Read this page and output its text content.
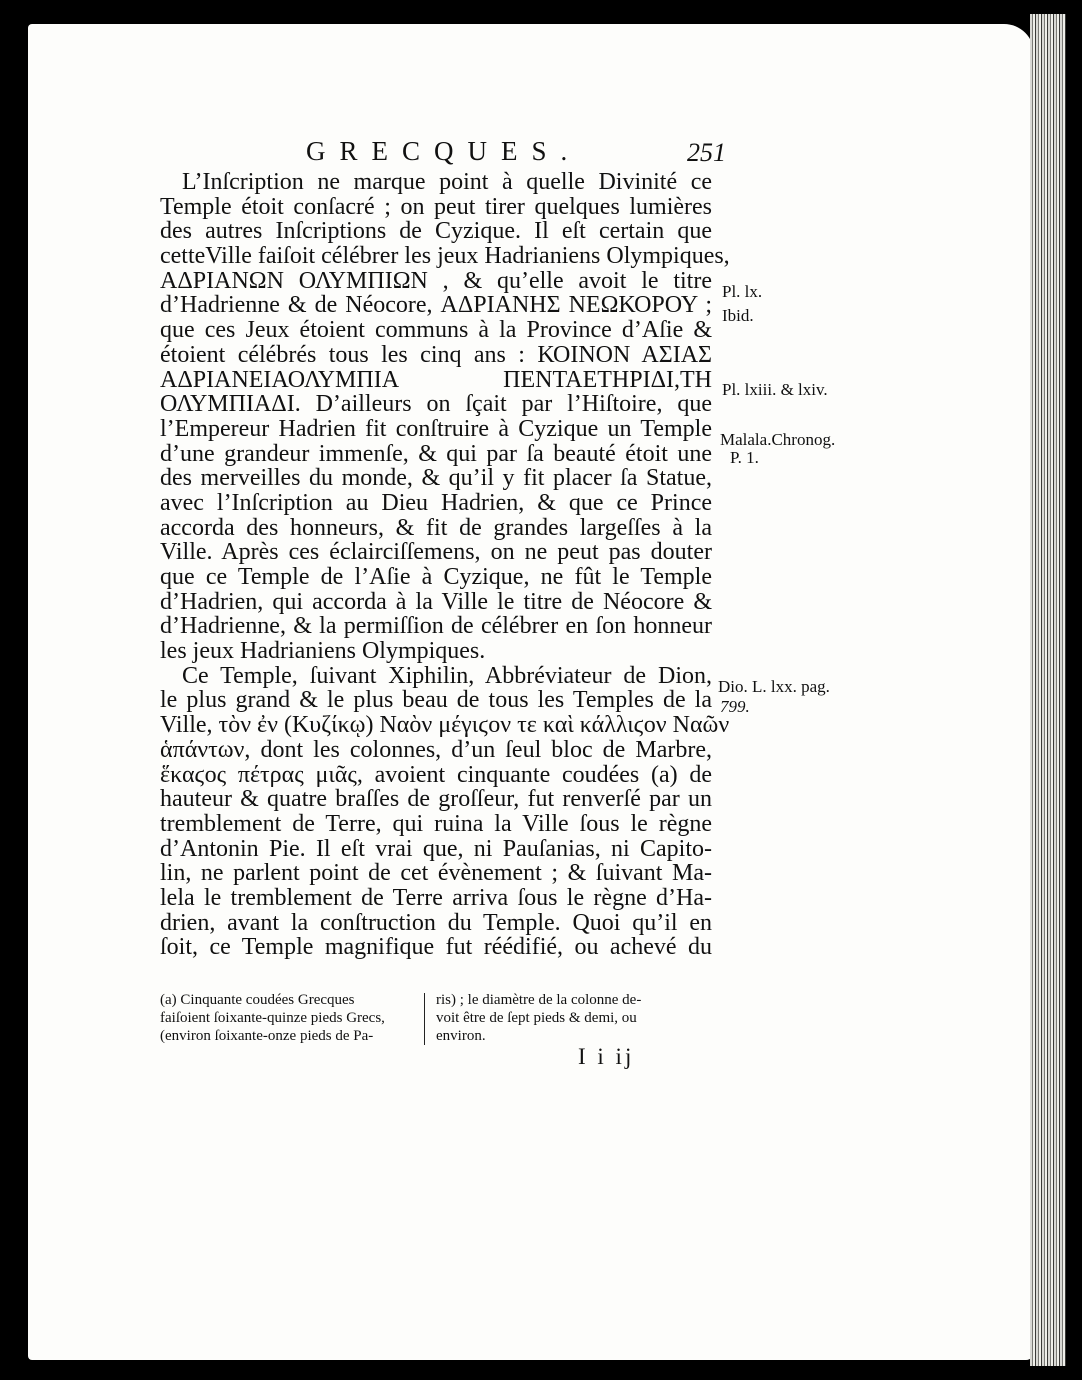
GRECQUES.	251
L’Inſcription ne marque point à quelle Divinité ce
Temple étoit conſacré ; on peut tirer quelques lumières
des autres Inſcriptions de Cyzique. Il eſt certain que
cetteVille faiſoit célébrer les jeux Hadrianiens Olympiques,
ΑΔΡΙΑΝΩΝ ΟΛΥΜΠΙΩΝ , & qu’elle avoit le titre
d’Hadrienne & de Néocore, ΑΔΡΙΑΝΗΣ ΝΕΩΚΟΡΟΥ ;
que ces Jeux étoient communs à la Province d’Aſie &
étoient célébrés tous les cinq ans : ΚΟΙΝΟΝ ΑΣΙΑΣ
ΑΔΡΙΑΝΕΙΑΟΛΥΜΠΙΑ ΠΕΝΤΑΕΤΗΡΙΔΙ,ΤΗ
ΟΛΥΜΠΙΑΔΙ. D’ailleurs on ſçait par l’Hiſtoire, que
l’Empereur Hadrien fit conſtruire à Cyzique un Temple
d’une grandeur immenſe, & qui par ſa beauté étoit une
des merveilles du monde, & qu’il y fit placer ſa Statue,
avec l’Inſcription au Dieu Hadrien, & que ce Prince
accorda des honneurs, & fit de grandes largeſſes à la
Ville. Après ces éclairciſſemens, on ne peut pas douter
que ce Temple de l’Aſie à Cyzique, ne fût le Temple
d’Hadrien, qui accorda à la Ville le titre de Néocore &
d’Hadrienne, & la permiſſion de célébrer en ſon honneur
les jeux Hadrianiens Olympiques.
Ce Temple, ſuivant Xiphilin, Abbréviateur de Dion,
le plus grand & le plus beau de tous les Temples de la
Ville, τὸν ἐν (Κυζίκῳ) Ναὸν μέγιϛον τε καὶ κάλλιϛον Ναῶν
ἁπάντων, dont les colonnes, d’un ſeul bloc de Marbre,
ἕκαϛος πέτρας μιᾶς, avoient cinquante coudées (a) de
hauteur & quatre braſſes de groſſeur, fut renverſé par un
tremblement de Terre, qui ruina la Ville ſous le règne
d’Antonin Pie. Il eſt vrai que, ni Pauſanias, ni Capito-
lin, ne parlent point de cet évènement ; & ſuivant Ma-
lela le tremblement de Terre arriva ſous le règne d’Ha-
drien, avant la conſtruction du Temple. Quoi qu’il en
ſoit, ce Temple magnifique fut réédifié, ou achevé du
Pl. lx.
Ibid.
Pl. lxiii. & lxiv.
Malala.Chronog.
P. 1.
Dio. L. lxx. pag.
799.
(a) Cinquante coudées Grecques
faiſoient ſoixante-quinze pieds Grecs,
(environ ſoixante-onze pieds de Pa-
ris) ; le diamètre de la colonne de-
voit être de ſept pieds & demi, ou
environ.
I i ij
